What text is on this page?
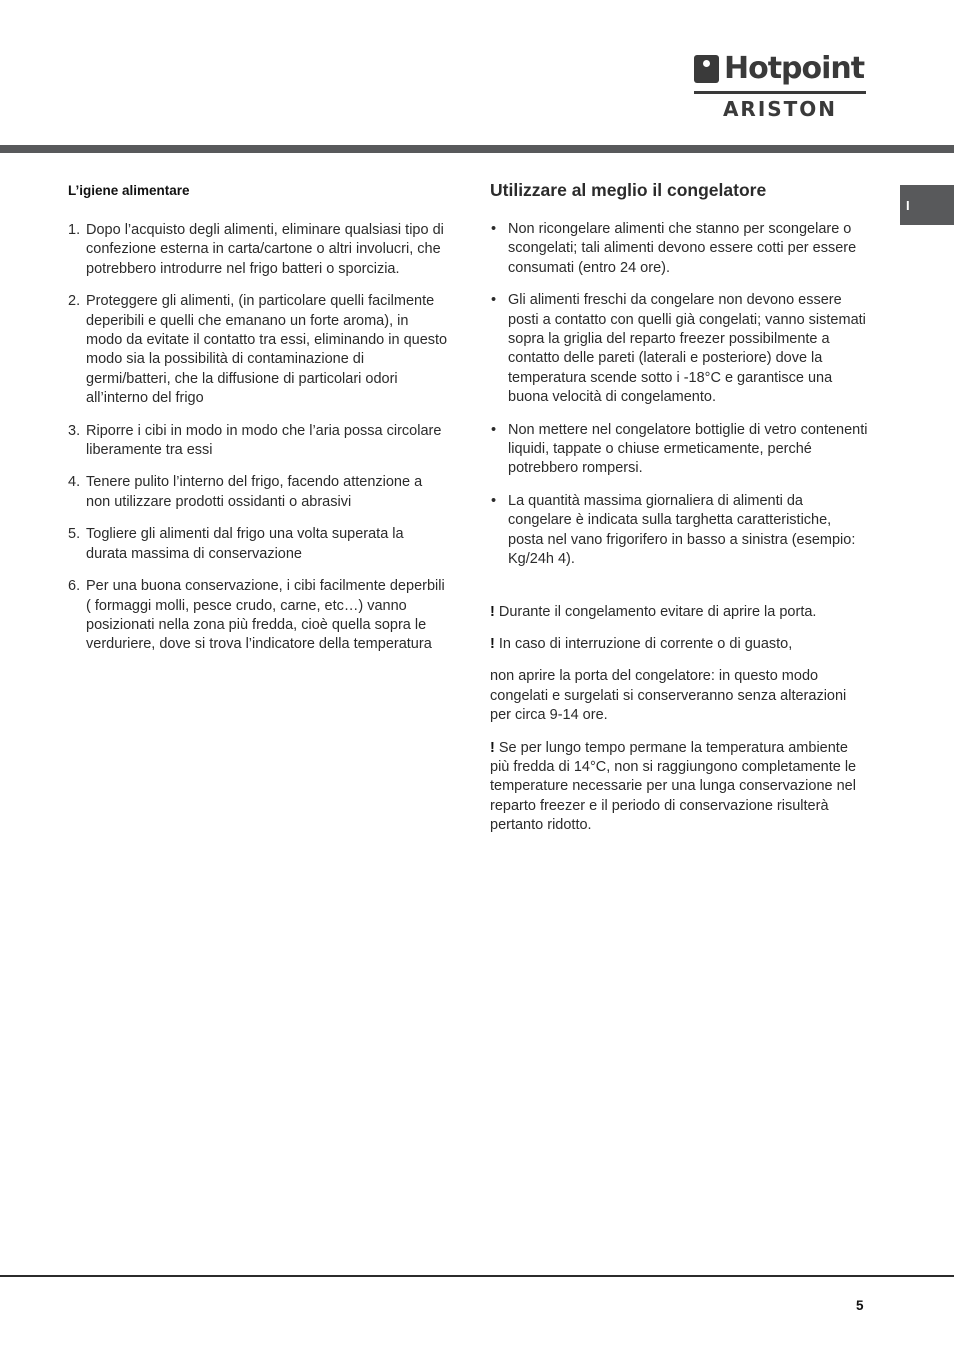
Hotpoint
ARISTON
I
L’igiene alimentare
1. Dopo l’acquisto degli alimenti, eliminare qualsiasi tipo di confezione esterna in carta/cartone o altri involucri, che potrebbero introdurre nel frigo batteri o sporcizia.
2. Proteggere gli alimenti, (in particolare quelli facilmente deperibili e quelli che emanano un forte aroma), in modo da evitate il contatto tra essi, eliminando in questo modo sia la possibilità di contaminazione di germi/batteri, che la diffusione di particolari odori all’interno del frigo
3. Riporre i cibi in modo in modo che l’aria possa circolare liberamente tra essi
4. Tenere pulito l’interno del frigo, facendo attenzione a non utilizzare prodotti ossidanti o abrasivi
5. Togliere gli alimenti dal frigo una volta superata la durata massima di conservazione
6. Per una buona conservazione, i cibi facilmente deperbili ( formaggi molli, pesce crudo, carne, etc…) vanno posizionati nella zona più fredda, cioè quella sopra le verduriere, dove si trova l’indicatore della temperatura
Utilizzare al meglio il congelatore
• Non ricongelare alimenti che stanno per scongelare o scongelati; tali alimenti devono essere cotti per essere consumati (entro 24 ore).
• Gli alimenti freschi da congelare non devono essere posti a contatto con quelli già congelati; vanno sistemati sopra la griglia del reparto freezer possibilmente a contatto delle pareti (laterali e posteriore) dove la temperatura scende sotto i -18°C e garantisce una buona velocità di congelamento.
• Non mettere nel congelatore bottiglie di vetro contenenti liquidi, tappate o chiuse ermeticamente, perché potrebbero rompersi.
• La quantità massima giornaliera di alimenti da congelare è indicata sulla targhetta caratteristiche, posta nel vano frigorifero in basso a sinistra (esempio: Kg/24h 4).
! Durante il congelamento evitare di aprire la porta.
! In caso di interruzione di corrente o di guasto,
non aprire la porta del congelatore: in questo modo congelati e surgelati si conserveranno senza alterazioni per circa 9-14 ore.
! Se per lungo tempo permane la temperatura ambiente più fredda di 14°C, non si raggiungono completamente le temperature necessarie per una lunga conservazione nel reparto freezer e il periodo di conservazione risulterà pertanto ridotto.
5
